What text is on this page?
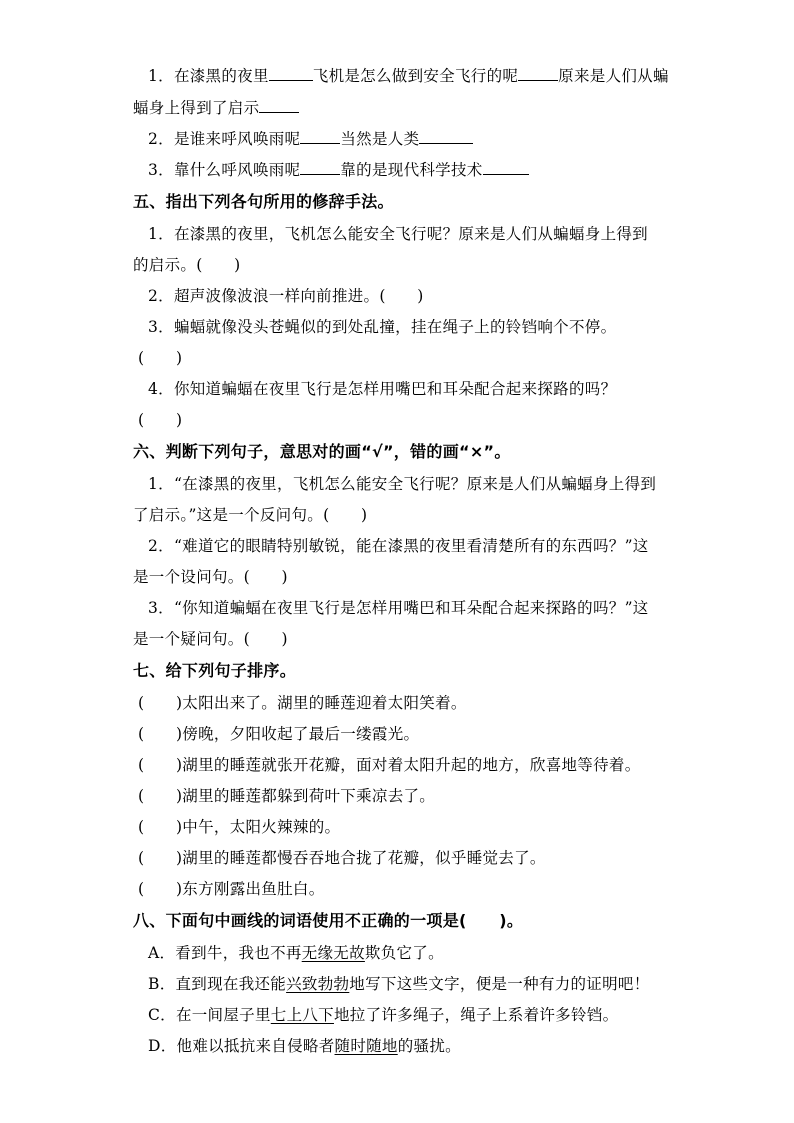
1．在漆黑的夜里	飞机是怎么做到安全飞行的呢	原来是人们从蝙
蝠身上得到了启示
2．是谁来呼风唤雨呢	当然是人类
3．靠什么呼风唤雨呢	靠的是现代科学技术
五、指出下列各句所用的修辞手法。
1．在漆黑的夜里，飞机怎么能安全飞行呢？原来是人们从蝙蝠身上得到
的启示。(　　)
2．超声波像波浪一样向前推进。(　　)
3．蝙蝠就像没头苍蝇似的到处乱撞，挂在绳子上的铃铛响个不停。
(　　)
4．你知道蝙蝠在夜里飞行是怎样用嘴巴和耳朵配合起来探路的吗？
(　　)
六、判断下列句子，意思对的画“√”，错的画“×”。
1．“在漆黑的夜里，飞机怎么能安全飞行呢？原来是人们从蝙蝠身上得到
了启示。”这是一个反问句。(　　)
2．“难道它的眼睛特别敏锐，能在漆黑的夜里看清楚所有的东西吗？”这
是一个设问句。(　　)
3．“你知道蝙蝠在夜里飞行是怎样用嘴巴和耳朵配合起来探路的吗？”这
是一个疑问句。(　　)
七、给下列句子排序。
(　　)太阳出来了。湖里的睡莲迎着太阳笑着。
(　　)傍晚，夕阳收起了最后一缕霞光。
(　　)湖里的睡莲就张开花瓣，面对着太阳升起的地方，欣喜地等待着。
(　　)湖里的睡莲都躲到荷叶下乘凉去了。
(　　)中午，太阳火辣辣的。
(　　)湖里的睡莲都慢吞吞地合拢了花瓣，似乎睡觉去了。
(　　)东方刚露出鱼肚白。
八、下面句中画线的词语使用不正确的一项是(　　)。
A．看到牛，我也不再无缘无故欺负它了。
B．直到现在我还能兴致勃勃地写下这些文字，便是一种有力的证明吧！
C．在一间屋子里七上八下地拉了许多绳子，绳子上系着许多铃铛。
D．他难以抵抗来自侵略者随时随地的骚扰。
